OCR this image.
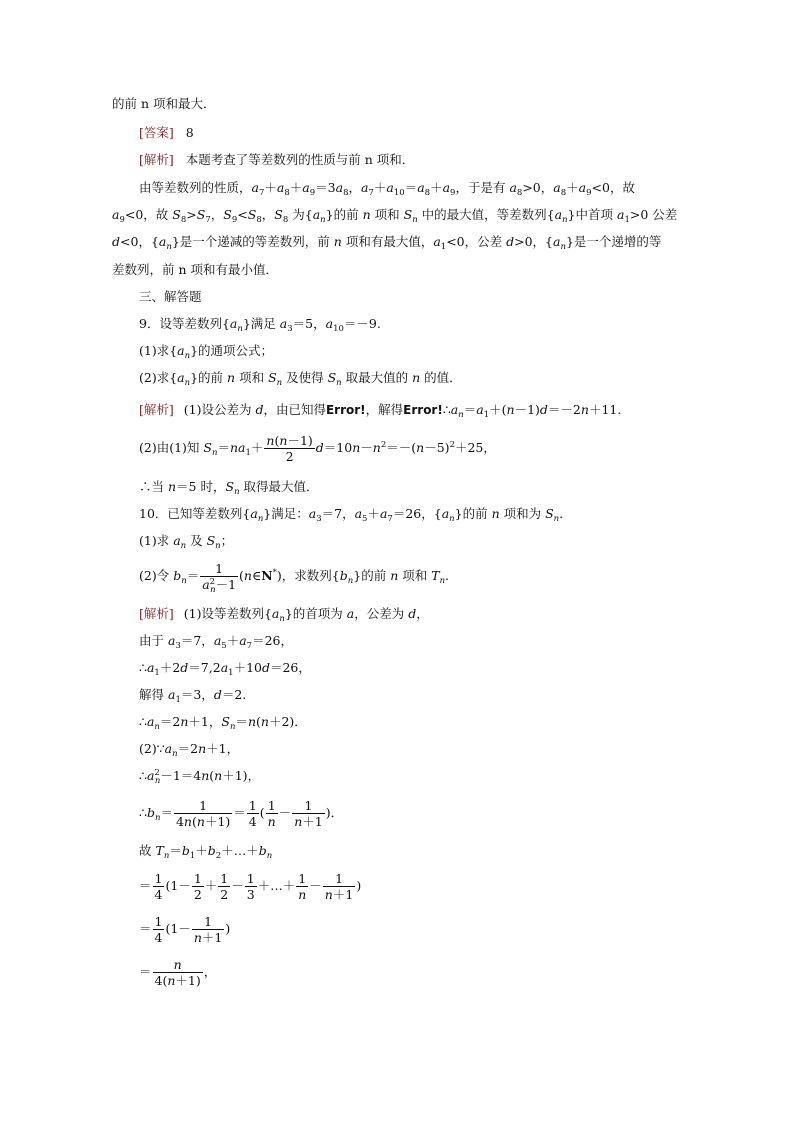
的前 n 项和最大．
[答案] 8
[解析] 本题考查了等差数列的性质与前 n 项和．
由等差数列的性质，$a_7+a_8+a_9=3a_8$，$a_7+a_{10}=a_8+a_9$，于是有 $a_8>0$，$a_8+a_9<0$，故
$a_9<0$，故 $S_8>S_7$，$S_9<S_8$，$S_8$ 为$\{a_n\}$的前 n 项和 $S_n$ 中的最大值，等差数列$\{a_n\}$中首项 $a_1>0$ 公差
d<0，$\{a_n\}$是一个递减的等差数列，前 n 项和有最大值，$a_1<0$，公差 d>0，$\{a_n\}$是一个递增的等
差数列，前 n 项和有最小值．
三、解答题
9．设等差数列$\{a_n\}$满足 $a_3=5$，$a_{10}=-9$.
(1)求$\{a_n\}$的通项公式；
(2)求$\{a_n\}$的前 n 项和 $S_n$ 及使得 $S_n$ 取最大值的 n 的值．
[解析] (1)设公差为 d，由已知得Error!，解得$Error!\therefore a_n=a_1+(n-1)d=-2n+11$.
(2)由(1)知 $S_n=na_1+ \frac{n(n-1)}{2} d=10n-n^2=-(n-5)^2+25$，
∴当 n＝5 时，$S_n$ 取得最大值．
10．已知等差数列$\{a_n\}$满足：$a_3=7$，$a_5+a_7=26$，$\{a_n\}$的前 n 项和为 $S_n$.
(1)求 $a_n$ 及 $S_n$；
(2)令 $b_n= \frac{1}{a^2_n-1}$ (n∈N*)，求数列$\{b_n\}$的前 n 项和 $T_n$.
[解析] (1)设等差数列$\{a_n\}$的首项为 a，公差为 d，
由于 $a_3=7$，$a_5+a_7=26$，
$\therefore a_1+2d=7,2a_1+10d=26$，
解得 $a_1=3$，d＝2.
$\therefore a_n=2n+1$，$S_n=n(n+2)$．
$(2)\because a_n=2n+1$，
$\therefore a^2_n-1=4n(n+1)$，
$\therefore b_n= \frac{1}{4n(n+1)} = \frac{1}{4}$ ( $\frac{1}{n} - \frac{1}{n+1}$ )．
故 $T_n=b_1+b_2+\dots+b_n$
＝ $\frac{1}{4} (1- \frac{1}{2} + \frac{1}{2} - \frac{1}{3}$ ＋…＋ $\frac{1}{n} - \frac{1}{n+1}$ )
＝ $\frac{1}{4} (1- \frac{1}{n+1}$ )
＝ $\frac{n}{4(n+1)}$ ，
